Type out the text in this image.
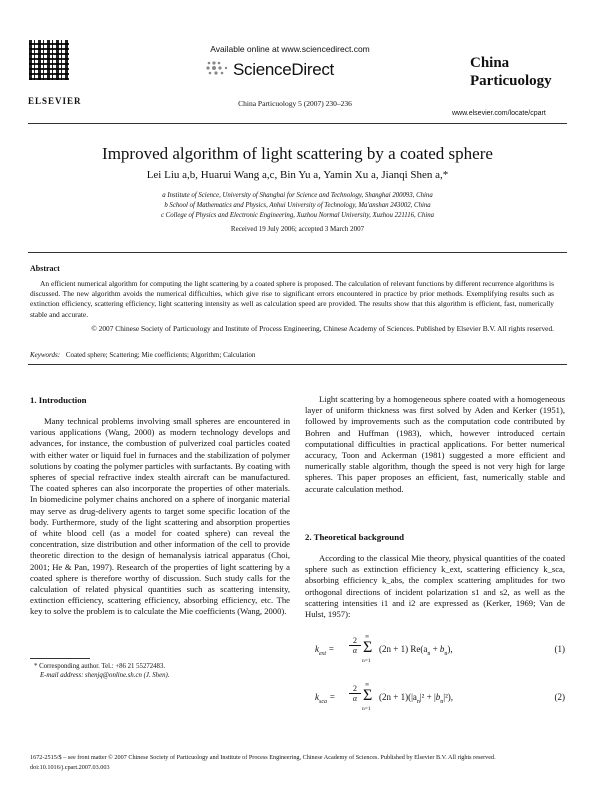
ELSEVIER
Available online at www.sciencedirect.com
ScienceDirect
China Particuology 5 (2007) 230–236
China
Particuology
www.elsevier.com/locate/cpart
Improved algorithm of light scattering by a coated sphere
Lei Liu a,b, Huarui Wang a,c, Bin Yu a, Yamin Xu a, Jianqi Shen a,*
a Institute of Science, University of Shanghai for Science and Technology, Shanghai 200093, China
b School of Mathematics and Physics, Anhui University of Technology, Ma'anshan 243002, China
c College of Physics and Electronic Engineering, Xuzhou Normal University, Xuzhou 221116, China
Received 19 July 2006; accepted 3 March 2007
Abstract
An efficient numerical algorithm for computing the light scattering by a coated sphere is proposed. The calculation of relevant functions by different recurrence algorithms is discussed. The new algorithm avoids the numerical difficulties, which give rise to significant errors encountered in practice by prior methods. Exemplifying results such as extinction efficiency, scattering efficiency, light scattering intensity as well as calculation speed are provided. The results show that this algorithm is efficient, fast, numerically stable and accurate.
© 2007 Chinese Society of Particuology and Institute of Process Engineering, Chinese Academy of Sciences. Published by Elsevier B.V. All rights reserved.
Keywords: Coated sphere; Scattering; Mie coefficients; Algorithm; Calculation
1. Introduction
Many technical problems involving small spheres are encountered in various applications (Wang, 2000) as modern technology develops and advances, for instance, the combustion of pulverized coal particles coated with either water or liquid fuel in furnaces and the stabilization of polymer solutions by coating the polymer particles with surfactants. By coating with spheres of special refractive index stealth aircraft can be manufactured. The coated spheres can also incorporate the properties of other materials. In biomedicine polymer chains anchored on a sphere of inorganic material may serve as drug-delivery agents to target some specific location of the body. Furthermore, study of the light scattering and absorption properties of white blood cell (as a model for coated sphere) can reveal the concentration, size distribution and other information of the cell to provide theoretic direction to the design of hemanalysis iatrical apparatus (Choi, 2001; He & Pan, 1997). Research of the properties of light scattering by a coated sphere is therefore worthy of discussion. Such study calls for the calculation of related physical quantities such as scattering intensity, extinction efficiency, scattering efficiency, absorbing efficiency, etc. The key to solve the problem is to calculate the Mie coefficients (Wang, 2000).
* Corresponding author. Tel.: +86 21 55272483.
E-mail address: shenjq@online.sh.cn (J. Shen).
Light scattering by a homogeneous sphere coated with a homogeneous layer of uniform thickness was first solved by Aden and Kerker (1951), followed by improvements such as the computation code contributed by Bohren and Huffman (1983), which, however introduced certain computational difficulties in practical applications. For better numerical accuracy, Toon and Ackerman (1981) suggested a more efficient and numerically stable algorithm, though the speed is not very high for large spheres. This paper proposes an efficient, fast, numerically stable and accurate calculation method.
2. Theoretical background
According to the classical Mie theory, physical quantities of the coated sphere such as extinction efficiency k_ext, scattering efficiency k_sca, absorbing efficiency k_abs, the complex scattering amplitudes for two orthogonal directions of incident polarization s1 and s2, as well as the scattering intensities i1 and i2 are expressed as (Kerker, 1969; Van de Hulst, 1957):
$k_{ext}$ =
2
α
∞
Σ
n=1
(2n + 1) $Re(a_n + b_n)$,	(1)
$k_{sca}$ =
2
α
∞
Σ
n=1
$(2n + 1)(|a_n|^2 + |b_n|^2)$,	(2)
1672-2515/$ – see front matter © 2007 Chinese Society of Particuology and Institute of Process Engineering, Chinese Academy of Sciences. Published by Elsevier B.V. All rights reserved.
doi:10.1016/j.cpart.2007.03.003
